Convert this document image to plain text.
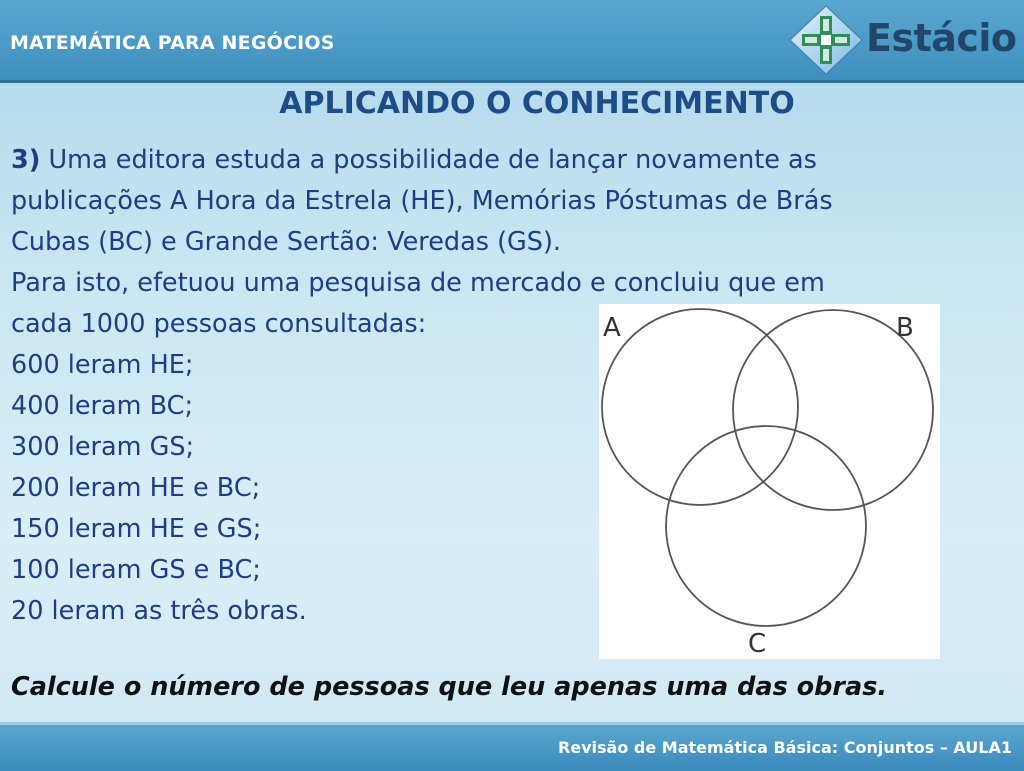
MATEMÁTICA PARA NEGÓCIOS	Estácio
APLICANDO O CONHECIMENTO
3) Uma editora estuda a possibilidade de lançar novamente as
publicações A Hora da Estrela (HE), Memórias Póstumas de Brás
Cubas (BC) e Grande Sertão: Veredas (GS).
Para isto, efetuou uma pesquisa de mercado e concluiu que em
cada 1000 pessoas consultadas:
600 leram HE;
400 leram BC;
300 leram GS;
200 leram HE e BC;
150 leram HE e GS;
100 leram GS e BC;
20 leram as três obras.
A	B
C
Calcule o número de pessoas que leu apenas uma das obras.
Revisão de Matemática Básica: Conjuntos – AULA1
